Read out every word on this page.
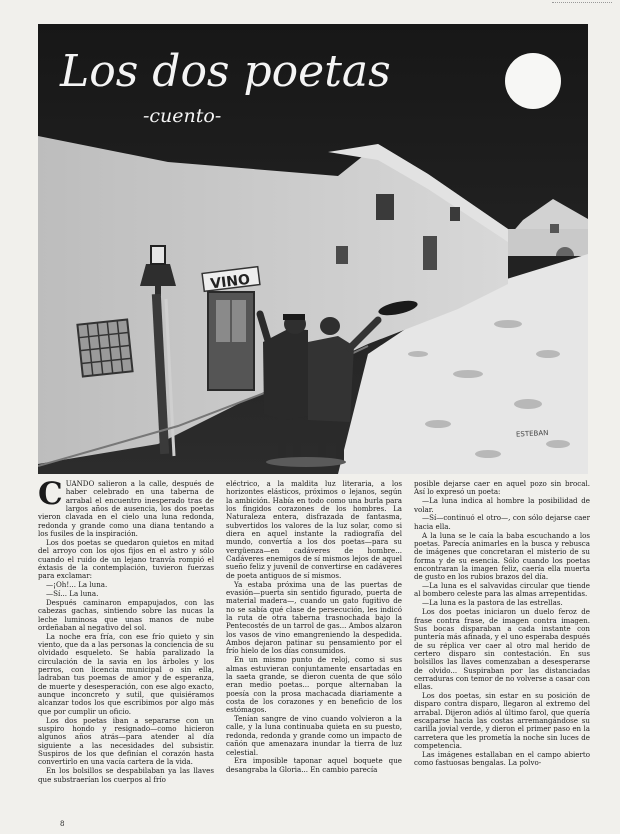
VINO
Los dos poetas
-cuento-
ESTEBAN

CUANDO salieron a la calle, después de haber celebrado en una taberna de arrabal el encuentro inesperado tras de largos años de ausencia, los dos poetas vieron clavada en el cielo una luna redonda, redonda y grande como una diana tentando a los fusiles de la inspiración.

Los dos poetas se quedaron quietos en mitad del arroyo con los ojos fijos en el astro y sólo cuando el ruido de un lejano tranvía rompió el éxtasis de la contemplación, tuvieron fuerzas para exclamar:

—¡Oh!... La luna.

—Sí... La luna.

Después caminaron empapujados, con las cabezas gachas, sintiendo sobre las nucas la leche luminosa que unas manos de nube ordeñaban al negativo del sol.

La noche era fría, con ese frío quieto y sin viento, que da a las personas la conciencia de su olvidado esqueleto. Se había paralizado la circulación de la savia en los árboles y los perros, con licencia municipal o sin ella, ladraban tus poemas de amor y de esperanza, de muerte y desesperación, con ese algo exacto, aunque inconcreto y sutil, que quisiéramos alcanzar todos los que escribimos por algo más que por cumplir un oficio.

Los dos poetas iban a separarse con un suspiro hondo y resignado—como hicieron algunos años atrás—para atender al día siguiente a las necesidades del subsistir. Suspiros de los que definían el corazón hasta convertirlo en una vacía cartera de la vida.

En los bolsillos se despabilaban ya las llaves que substraerían los cuerpos al frío

eléctrico, a la maldita luz literaria, a los horizontes elásticos, próximos o lejanos, según la ambición. Había en todo como una burla para los fingidos corazones de los hombres. La Naturaleza entera, disfrazada de fantasma, subvertidos los valores de la luz solar, como si diera en aquel instante la radiografía del mundo, convertía a los dos poetas—para su vergüenza—en cadáveres de hombre... Cadáveres enemigos de sí mismos lejos de aquel sueño feliz y juvenil de convertirse en cadáveres de poeta antiguos de sí mismos.

Ya estaba próxima una de las puertas de evasión—puerta sin sentido figurado, puerta de material madera—, cuando un gato fugitivo de no se sabía qué clase de persecución, les indicó la ruta de otra taberna trasnochada bajo la Pentecostés de un tarrol de gas... Ambos alzaron los vasos de vino emangreniendo la despedida. Ambos dejaron patinar su pensamiento por el frío hielo de los días consumidos.

En un mismo punto de reloj, como si sus almas estuvieran conjuntamente ensartadas en la saeta grande, se dieron cuenta de que sólo eran medio poetas... porque alternaban la poesía con la prosa machacada diariamente a costa de los corazones y en beneficio de los estómagos.

Tenían sangre de vino cuando volvieron a la calle, y la luna continuaba quieta en su puesto, redonda, redonda y grande como un impacto de cañón que amenazara inundar la tierra de luz celestial.

Era imposible taponar aquel boquete que desangraba la Gloria... En cambio parecía

posible dejarse caer en aquel pozo sin brocal. Así lo expresó un poeta:

—La luna indica al hombre la posibilidad de volar.

—Sí—continuó el otro—, con sólo dejarse caer hacia ella.

A la luna se le caía la baba escuchando a los poetas. Parecía animarles en la busca y rebusca de imágenes que concretaran el misterio de su forma y de su esencia. Sólo cuando los poetas encontraran la imagen feliz, caería ella muerta de gusto en los rubios brazos del día.

—La luna es el salvavidas circular que tiende al bombero celeste para las almas arrepentidas.

—La luna es la pastora de las estrellas.

Los dos poetas iniciaron un duelo feroz de frase contra frase, de imagen contra imagen. Sus bocas disparaban a cada instante con puntería más afinada, y el uno esperaba después de su réplica ver caer al otro mal herido de certero disparo sin contestación. En sus bolsillos las llaves comenzaban a desesperarse de olvido... Suspiraban por las distanciadas cerraduras con temor de no volverse a casar con ellas.

Los dos poetas, sin estar en su posición de disparo contra disparo, llegaron al extremo del arrabal. Dijeron adiós al último farol, que quería escaparse hacia las costas arremangándose su carilla jovial verde, y dieron el primer paso en la carretera que les prometía la noche sin luces de competencia.

Las imágenes estallaban en el campo abierto como fastuosas bengalas. La polvo-

8
